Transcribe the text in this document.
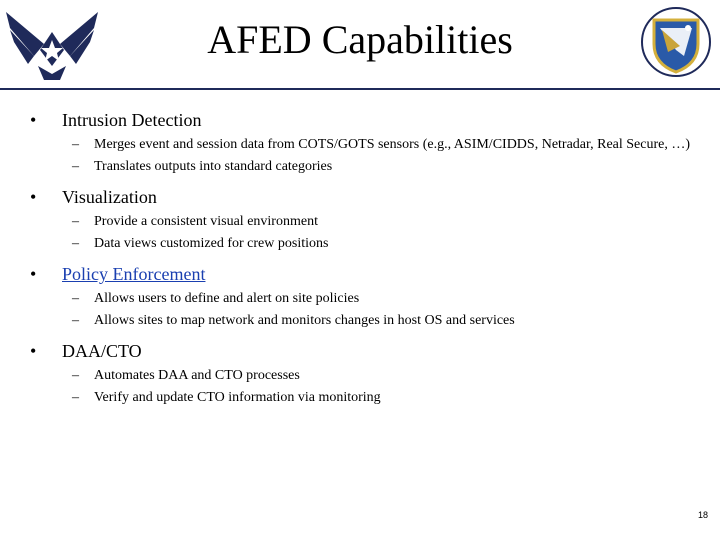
AFED Capabilities
• Intrusion Detection
– Merges event and session data from COTS/GOTS sensors (e.g., ASIM/CIDDS, Netradar, Real Secure, …)
– Translates outputs into standard categories
• Visualization
– Provide a consistent visual environment
– Data views customized for crew positions
• Policy Enforcement
– Allows users to define and alert on site policies
– Allows sites to map network and monitors changes in host OS and services
• DAA/CTO
– Automates DAA and CTO processes
– Verify and update CTO information via monitoring
18
